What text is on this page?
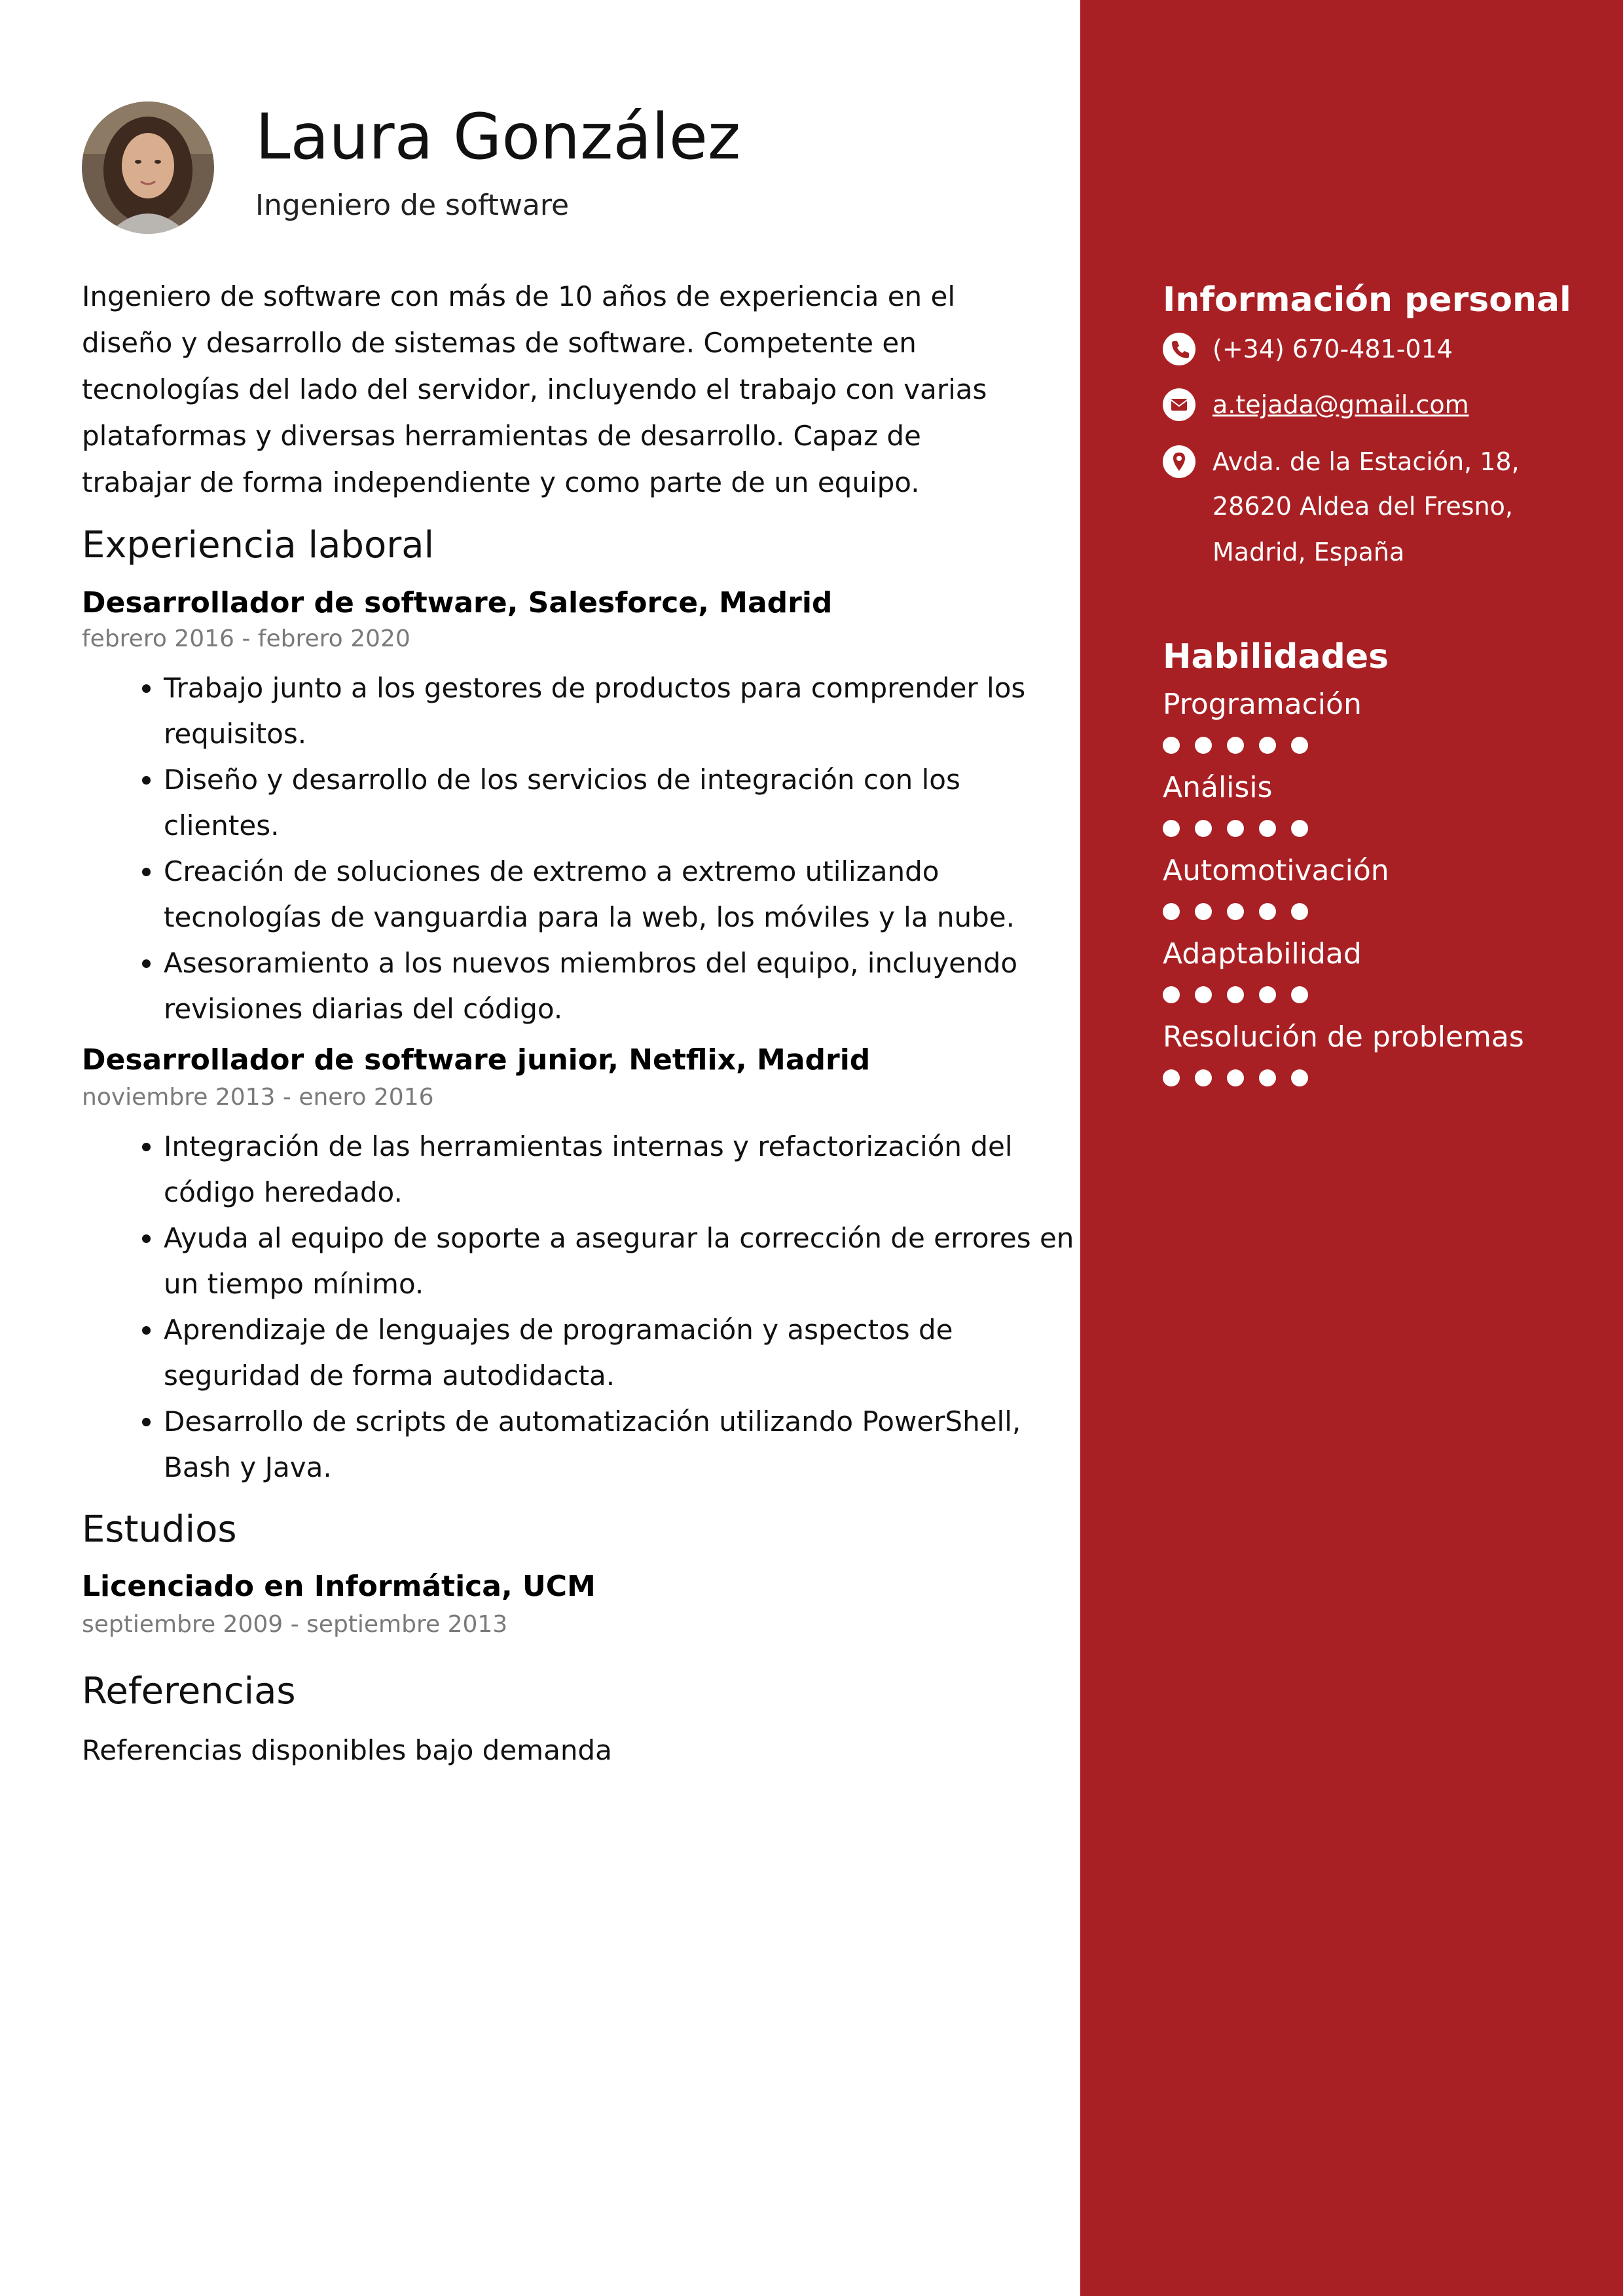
Laura González
Ingeniero de software

Ingeniero de software con más de 10 años de experiencia en el diseño y desarrollo de sistemas de software. Competente en tecnologías del lado del servidor, incluyendo el trabajo con varias plataformas y diversas herramientas de desarrollo. Capaz de trabajar de forma independiente y como parte de un equipo.

Experiencia laboral
Desarrollador de software, Salesforce, Madrid
febrero 2016 - febrero 2020
• Trabajo junto a los gestores de productos para comprender los requisitos.
• Diseño y desarrollo de los servicios de integración con los clientes.
• Creación de soluciones de extremo a extremo utilizando tecnologías de vanguardia para la web, los móviles y la nube.
• Asesoramiento a los nuevos miembros del equipo, incluyendo revisiones diarias del código.
Desarrollador de software junior, Netflix, Madrid
noviembre 2013 - enero 2016
• Integración de las herramientas internas y refactorización del código heredado.
• Ayuda al equipo de soporte a asegurar la corrección de errores en un tiempo mínimo.
• Aprendizaje de lenguajes de programación y aspectos de seguridad de forma autodidacta.
• Desarrollo de scripts de automatización utilizando PowerShell, Bash y Java.
Estudios
Licenciado en Informática, UCM
septiembre 2009 - septiembre 2013
Referencias
Referencias disponibles bajo demanda
Información personal
(+34) 670-481-014
a.tejada@gmail.com
Avda. de la Estación, 18,
28620 Aldea del Fresno,
Madrid, España
Habilidades
Programación
Análisis
Automotivación
Adaptabilidad
Resolución de problemas
